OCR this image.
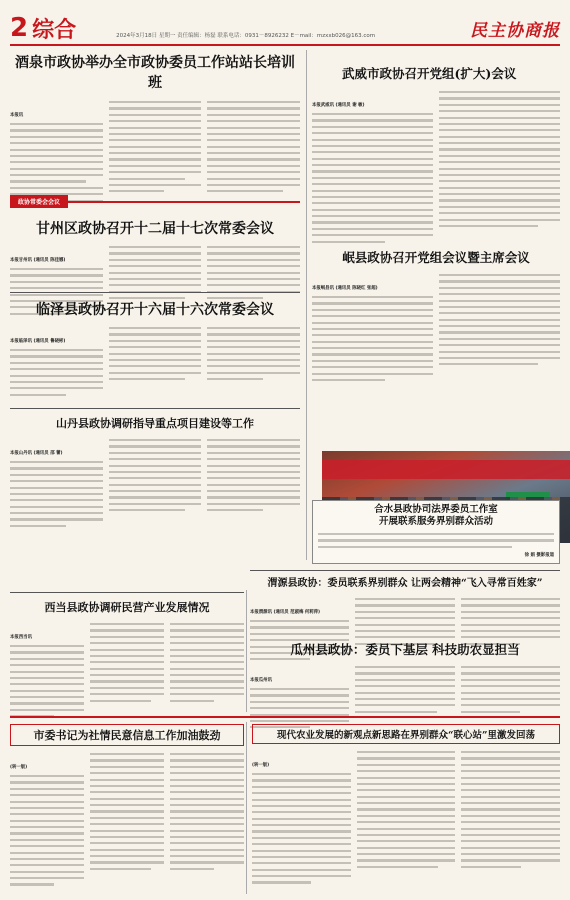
2 综合	2024年3月18日 星期一 责任编辑：杨磊 联系电话：0931－8926232 E－mail：mzxxb026@163.com	民主协商报
酒泉市政协举办全市政协委员工作站站长培训班
本报讯
武威市政协召开党组(扩大)会议
本报武威讯 (通讯员 谢 敏)
政协常委会会议
甘州区政协召开十二届十七次常委会议
本报甘州讯 (通讯员 陈佳娜)	岷县政协召开党组会议暨主席会议
本报岷县讯 (通讯员 陈晓红 张超)
临泽县政协召开十六届十六次常委会议
本报临泽讯 (通讯员 鲁晓彬)
山丹县政协调研指导重点项目建设等工作
本报山丹讯 (通讯员 邵 蕾)
合水县政协司法界委员工作室
开展联系服务界别群众活动
徐 娟 摄影报道
渭源县政协：委员联系界别群众 让两会精神“飞入寻常百姓家”
本报渭源讯 (通讯员 范淑梅 何莉萍)
西当县政协调研民营产业发展情况
本报西当讯
瓜州县政协：委员下基层 科技助农显担当
本报瓜州讯
市委书记为社情民意信息工作加油鼓劲
(转一版)
现代农业发展的新观点新思路在界别群众“联心站”里激发回荡
(转一版)
